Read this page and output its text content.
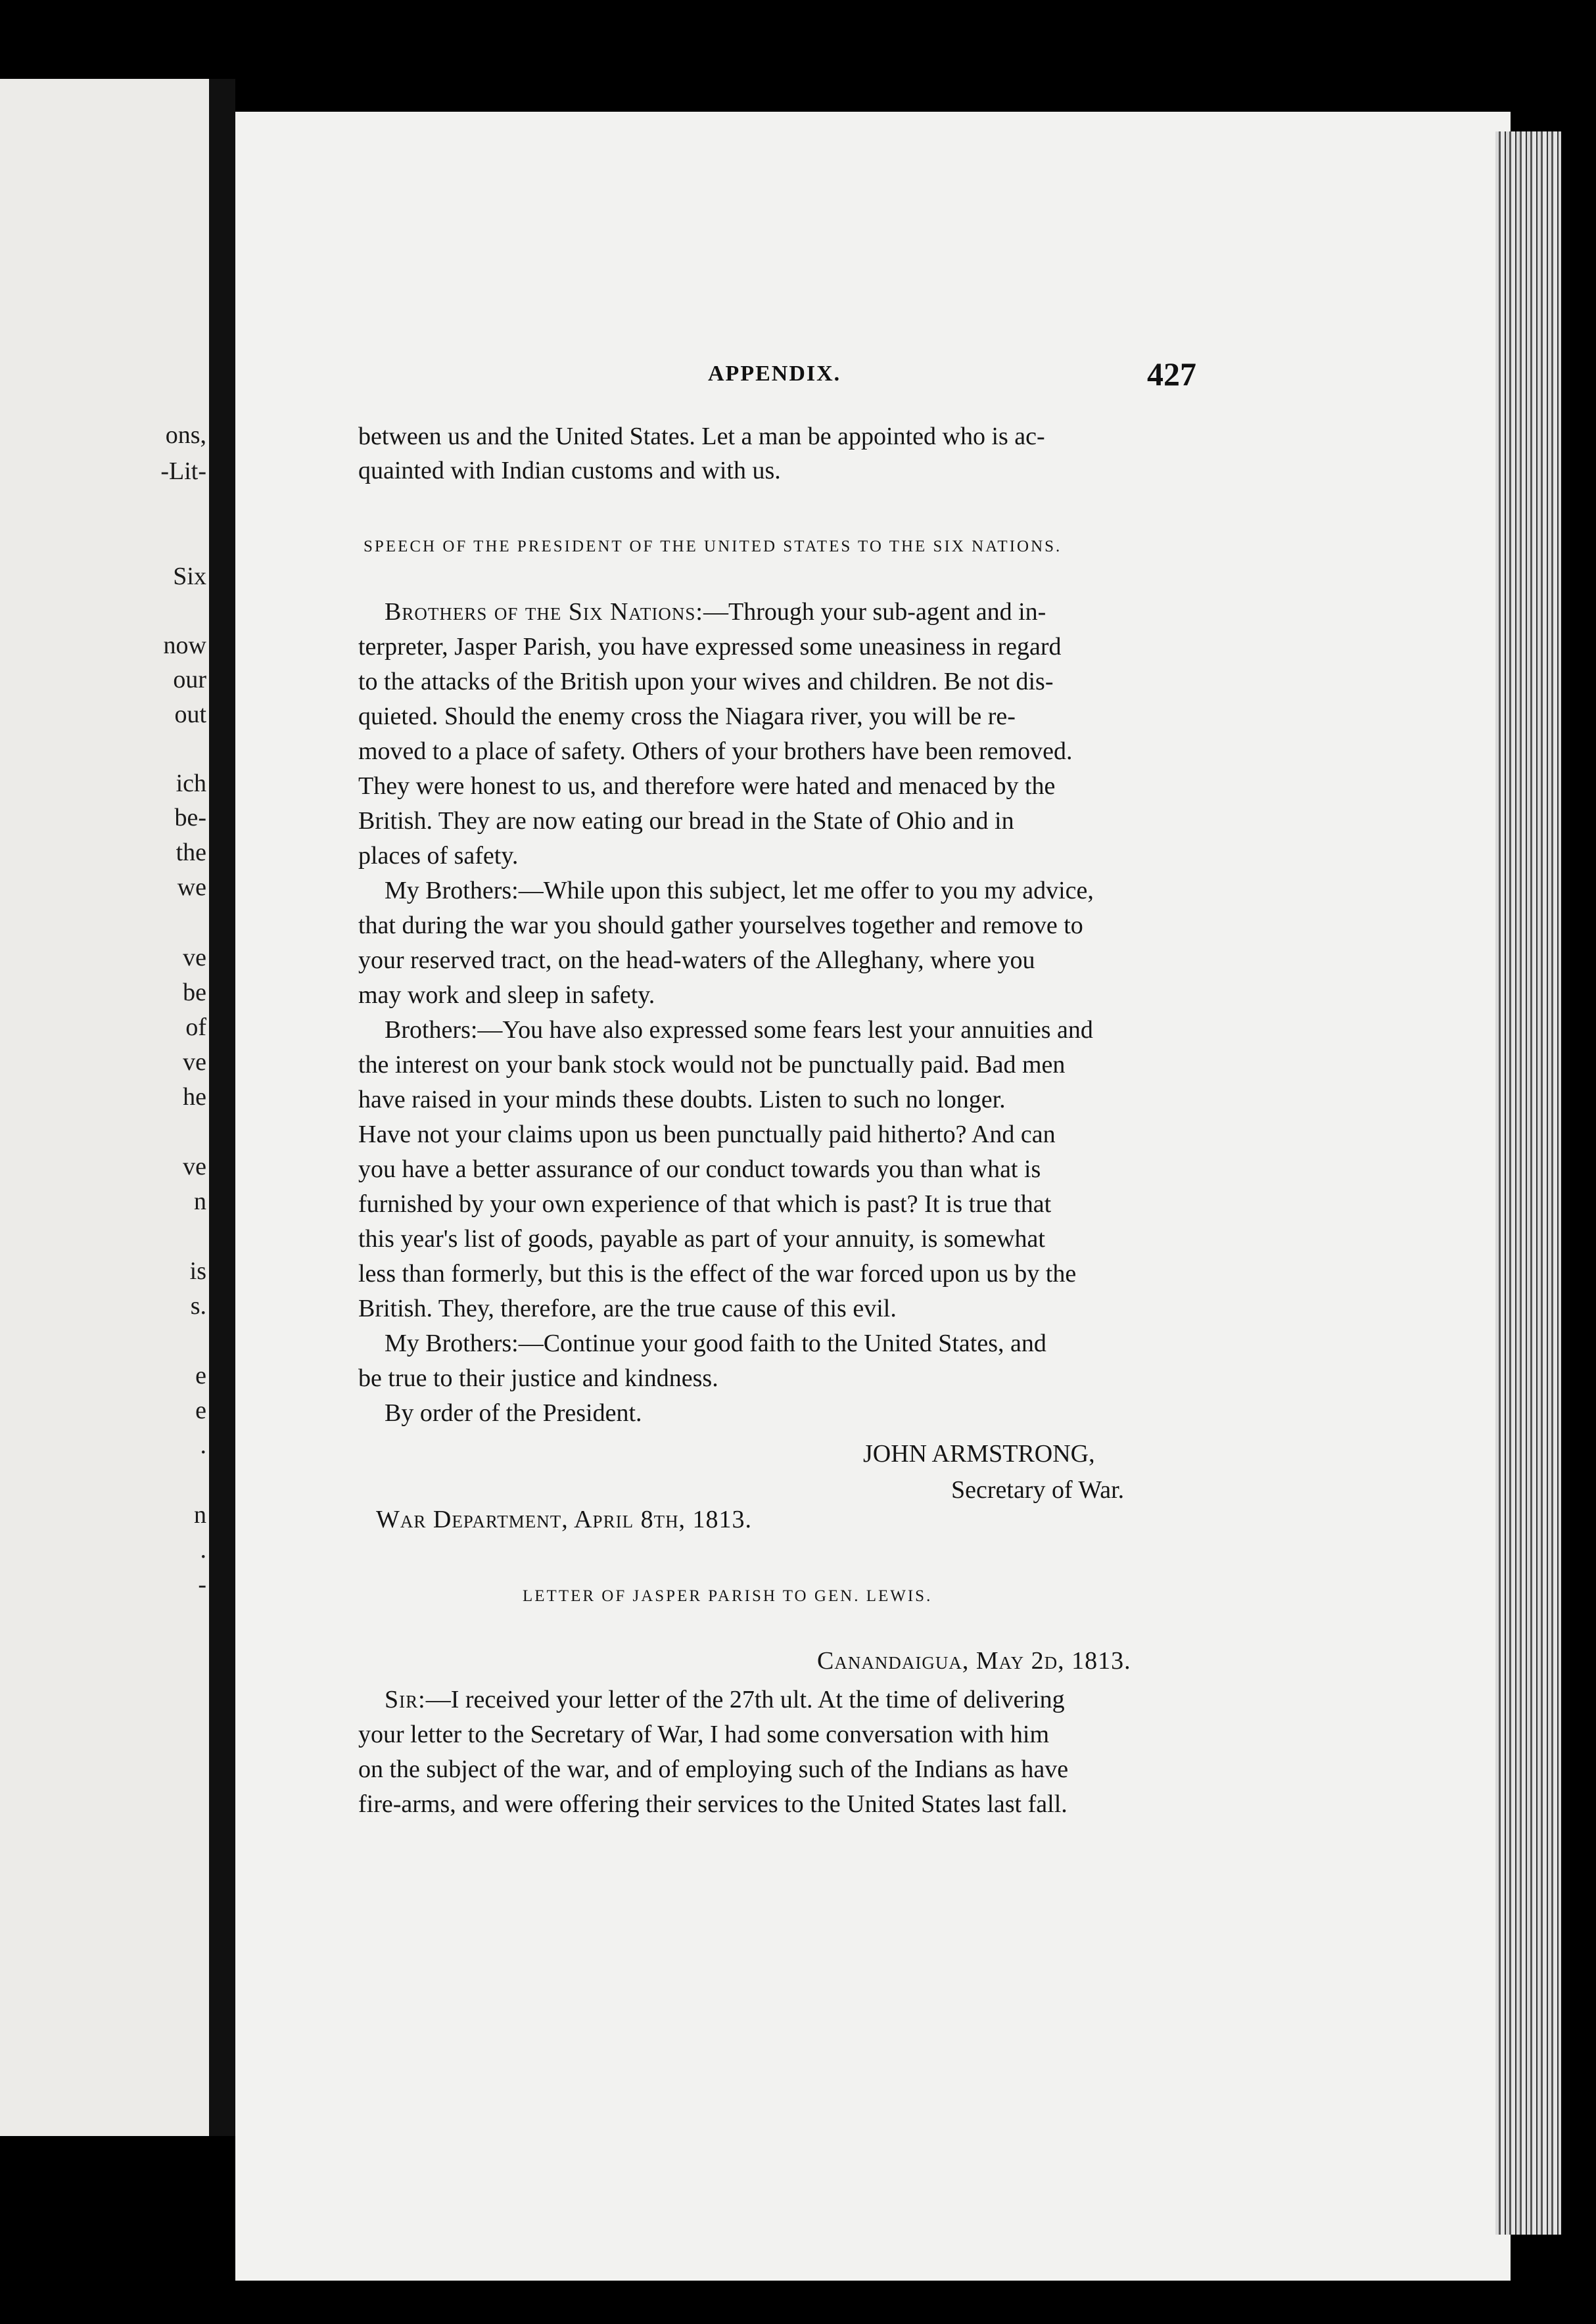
ons,
-Lit-
Six
now
our
out
ich
be-
the
we
ve
be
of
ve
he
ve
n
is
s.
e
e
.
n
.
-
APPENDIX.	427
between us and the United States. Let a man be appointed who is ac-
quainted with Indian customs and with us.
SPEECH OF THE PRESIDENT OF THE UNITED STATES TO THE SIX NATIONS.
Brothers of the Six Nations:—Through your sub-agent and in-
terpreter, Jasper Parish, you have expressed some uneasiness in regard
to the attacks of the British upon your wives and children. Be not dis-
quieted. Should the enemy cross the Niagara river, you will be re-
moved to a place of safety. Others of your brothers have been removed.
They were honest to us, and therefore were hated and menaced by the
British. They are now eating our bread in the State of Ohio and in
places of safety.
My Brothers:—While upon this subject, let me offer to you my advice,
that during the war you should gather yourselves together and remove to
your reserved tract, on the head-waters of the Alleghany, where you
may work and sleep in safety.
Brothers:—You have also expressed some fears lest your annuities and
the interest on your bank stock would not be punctually paid. Bad men
have raised in your minds these doubts. Listen to such no longer.
Have not your claims upon us been punctually paid hitherto? And can
you have a better assurance of our conduct towards you than what is
furnished by your own experience of that which is past? It is true that
this year's list of goods, payable as part of your annuity, is somewhat
less than formerly, but this is the effect of the war forced upon us by the
British. They, therefore, are the true cause of this evil.
My Brothers:—Continue your good faith to the United States, and
be true to their justice and kindness.
By order of the President.
JOHN ARMSTRONG,
Secretary of War.
War Department, April 8th, 1813.
LETTER OF JASPER PARISH TO GEN. LEWIS.
Canandaigua, May 2d, 1813.
Sir:—I received your letter of the 27th ult. At the time of delivering
your letter to the Secretary of War, I had some conversation with him
on the subject of the war, and of employing such of the Indians as have
fire-arms, and were offering their services to the United States last fall.
